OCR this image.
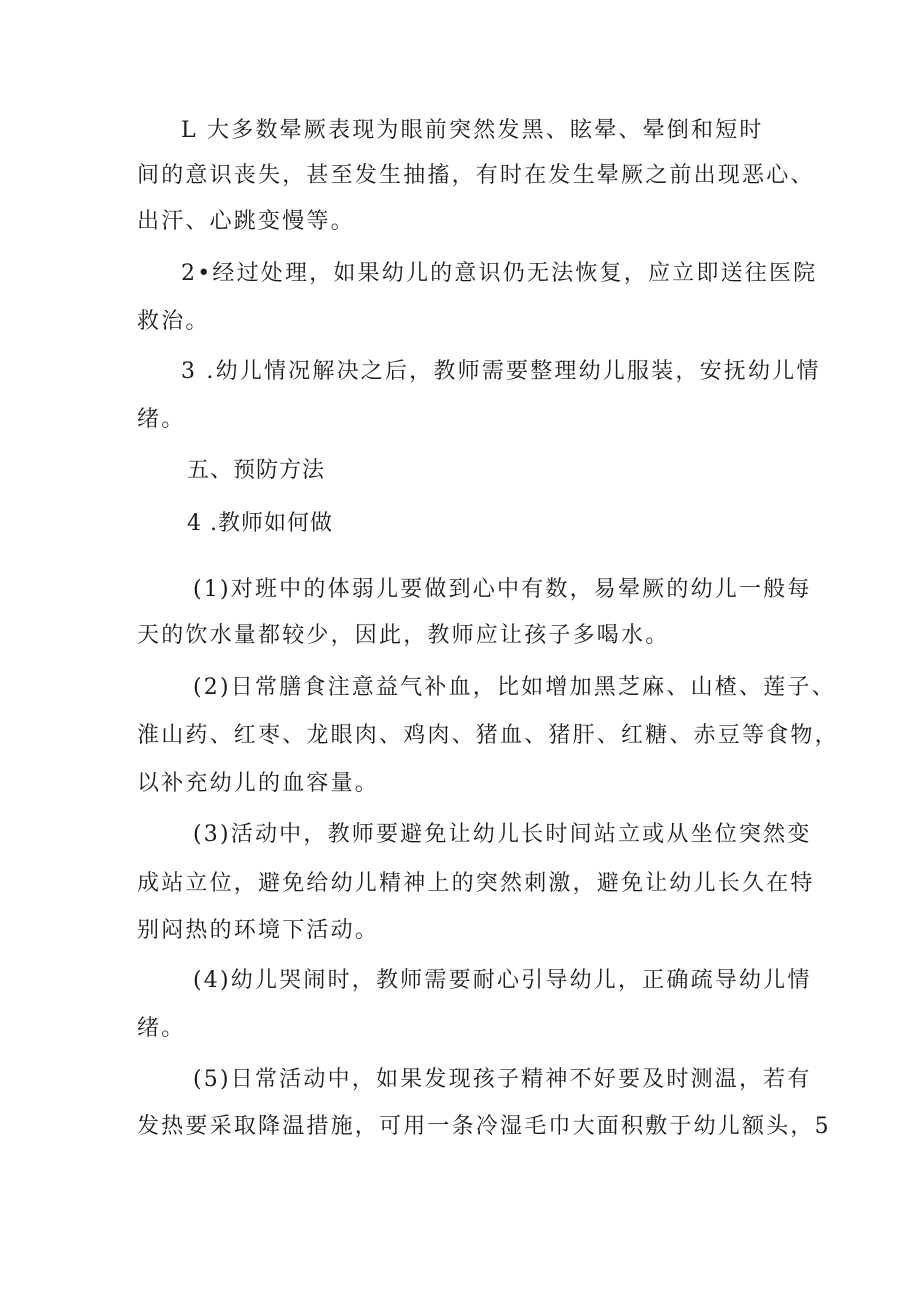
L 大多数晕厥表现为眼前突然发黑、眩晕、晕倒和短时
间的意识丧失，甚至发生抽搐，有时在发生晕厥之前出现恶心、
出汗、心跳变慢等。
2•经过处理，如果幼儿的意识仍无法恢复，应立即送往医院
救治。
3 .幼儿情况解决之后，教师需要整理幼儿服装，安抚幼儿情
绪。
五、预防方法
4 .教师如何做
(1)对班中的体弱儿要做到心中有数，易晕厥的幼儿一般每
天的饮水量都较少，因此，教师应让孩子多喝水。
(2)日常膳食注意益气补血，比如增加黑芝麻、山楂、莲子、
淮山药、红枣、龙眼肉、鸡肉、猪血、猪肝、红糖、赤豆等食物，
以补充幼儿的血容量。
(3)活动中，教师要避免让幼儿长时间站立或从坐位突然变
成站立位，避免给幼儿精神上的突然刺激，避免让幼儿长久在特
别闷热的环境下活动。
(4)幼儿哭闹时，教师需要耐心引导幼儿，正确疏导幼儿情
绪。
(5)日常活动中，如果发现孩子精神不好要及时测温，若有
发热要采取降温措施，可用一条冷湿毛巾大面积敷于幼儿额头，5
